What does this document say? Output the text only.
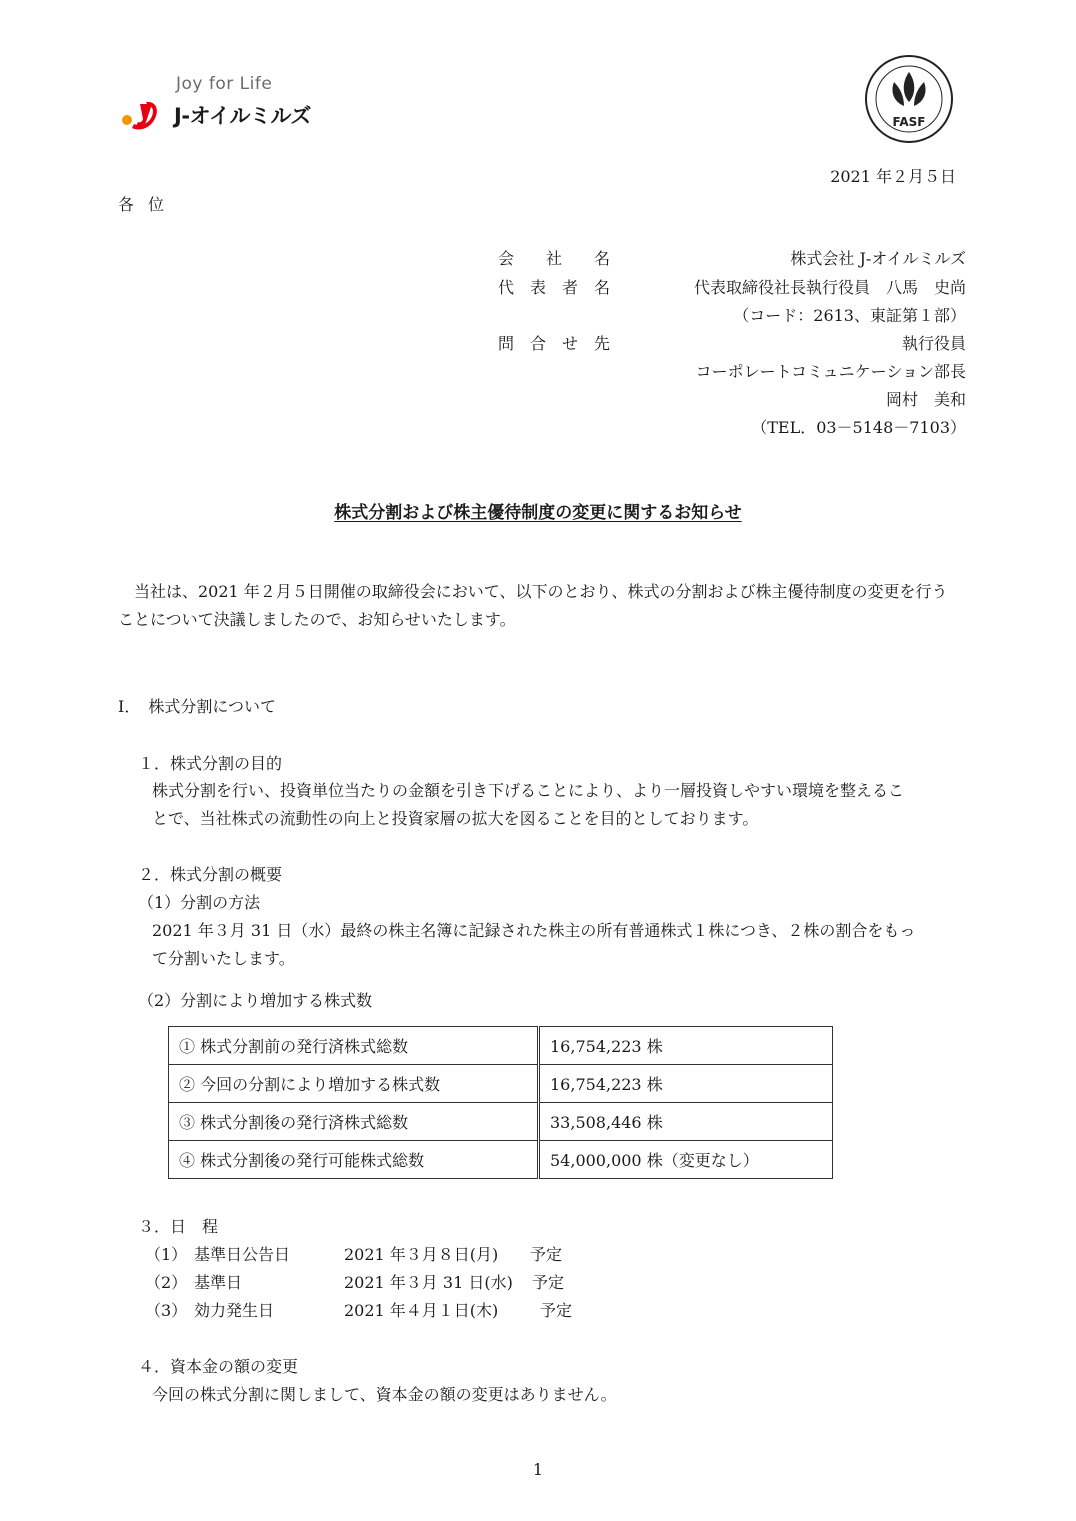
Joy for Life
J-オイルミルズ	FASF
2021 年２月５日
各位
会　　社　　名	株式会社 J-オイルミルズ
代　表　者　名	代表取締役社長執行役員　八馬　史尚
（コード：2613、東証第１部）
問　合　せ　先	執行役員
コーポレートコミュニケーション部長
岡村　美和
（TEL．03－5148－7103）
株式分割および株主優待制度の変更に関するお知らせ
　当社は、2021 年２月５日開催の取締役会において、以下のとおり、株式の分割および株主優待制度の変更を行うことについて決議しましたので、お知らせいたします。
Ⅰ．　株式分割について
１．株式分割の目的
株式分割を行い、投資単位当たりの金額を引き下げることにより、より一層投資しやすい環境を整えるこ
とで、当社株式の流動性の向上と投資家層の拡大を図ることを目的としております。
２．株式分割の概要
（1）分割の方法
2021 年３月 31 日（水）最終の株主名簿に記録された株主の所有普通株式１株につき、２株の割合をもっ
て分割いたします。
（2）分割により増加する株式数
① 株式分割前の発行済株式総数		16,754,223 株
② 今回の分割により増加する株式数		16,754,223 株
③ 株式分割後の発行済株式総数		33,508,446 株
④ 株式分割後の発行可能株式総数		54,000,000 株（変更なし）
３．日　程
（1） 基準日公告日	2021 年３月８日(月) 予定
（2） 基準日	2021 年３月 31 日(水) 予定
（3） 効力発生日	2021 年４月１日(木)	予定
４．資本金の額の変更
今回の株式分割に関しまして、資本金の額の変更はありません。
1
